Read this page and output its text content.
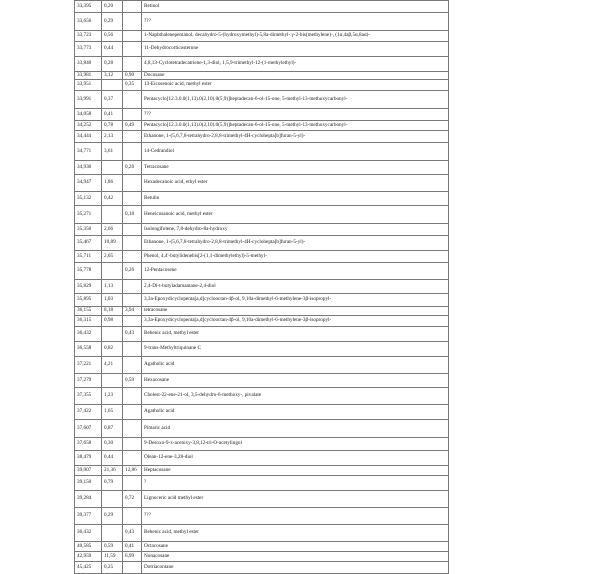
33,395	0,20		Retinol
33,656	0,29		???
33,723	0,56		1-Naphthalenepentanol, decahydro-5-(hydroxymethyl)-5,8a-dimethyl-.γ-2-bis(methylene)-, (1α,4aβ,5α,8aα)-
33,773	0,44		11-Dehydrocorticosterone
33,840	0,28		4,8,13-Cyclotetradecatriene-1,3-diol, 1,5,9-trimethyl-12-(1-methylethyl)-
33,981	3,12	0,90	Docosane
33,951		0,35	13-Eicosenoic acid, methyl ester
33,991	0,37		Pentacyclo[12.3.0.0(1,13).0(2,10).0(5,9)]heptadecan-6-ol-15-one, 5-methyl-13-methoxycarbonyl-
34,058	0,41		???
34,252	0,78	0,49	Pentacyclo[12.3.0.0(1,13).0(2,10).0(5,9)]heptadecan-6-ol-15-one, 5-methyl-13-methoxycarbonyl-
34,444	2,13		Ethanone, 1-(5,6,7,8-tetrahydro-2,8,8-trimethyl-4H-cyclohepta[b]furan-5-yl)-
34,771	3,61		14-Cedrandiol
34,930		0,26	Tetracosane
34,947	1,86		Hexadecanoic acid, ethyl ester
35,132	0,42		Betulin
35,271		0,18	Heneicosanoic acid, methyl ester
35,350	2,66		Isolongifolene, 7,8-dehydro-8a-hydroxy
35,467	10,89		Ethanone, 1-(5,6,7,8-tetrahydro-2,8,8-trimethyl-4H-cyclohepta[b]furan-5-yl)-
35,711	2,05		Phenol, 4,4'-butylidenebis[2-(1,1-dimethylethyl)-5-methyl-
35,778		0,26	12-Pentacosene
35,829	1,13		2,4-Di-t-butyladamantane-2,4-diol
35,895	1,03		3,3a-Epoxydicyclopenta[a,d]cyclooctan-4β-ol, 9,10a-dimethyl-6-methylene-3β-isopropyl-
36,155	8,18	3,94	tetracosane
36,315	0,98		3,3a-Epoxydicyclopenta[a,d]cyclooctan-4β-ol, 9,10a-dimethyl-6-methylene-3β-isopropyl-
36,432		0,43	Behenic acid, methyl ester
36,558	0,82		9-trans-Methyltriquinane C
37,221	4,21		Agatholic acid
37,279		0,59	Hexacosane
37,355	1,23		Cholest-22-ene-21-ol, 3,5-dehydro-6-methoxy-, pivalate
37,422	1,65		Agatholic acid
37,607	0,87		Pimaric acid
37,658	0,30		9-Desoxo-9-x-acetoxy-3,8,12-tri-O-acetylingol
38,479	0,44		Olean-12-ene-3,28-diol
39,007	21,36	12,86	Heptacosane
39,150	0,79		?
39,284		0,72	Lignoceric acid methyl ester
39,377	0,29		???
36,432		0,43	Behenic acid, methyl ester
40,585	0,59	0,41	Octacosane
42,959	11,59	6,99	Nonacosane
45,425	0,25		Dotriacontane
